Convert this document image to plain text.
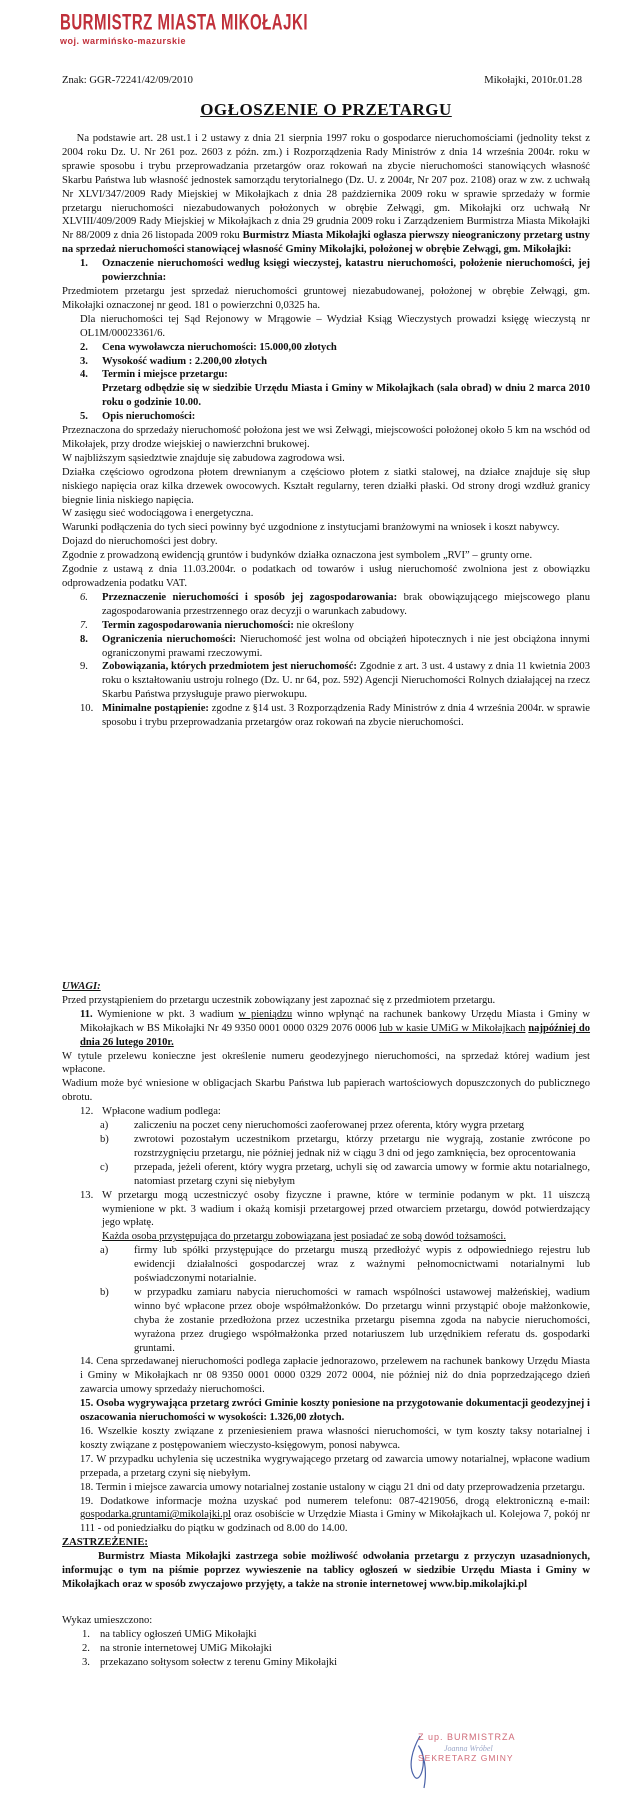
BURMISTRZ MIASTA MIKOŁAJKI
woj. warmińsko-mazurskie
Znak: GGR-72241/42/09/2010	Mikołajki, 2010r.01.28
OGŁOSZENIE O PRZETARGU

Na podstawie art. 28 ust.1 i 2 ustawy z dnia 21 sierpnia 1997 roku o gospodarce nieruchomościami (jednolity tekst z 2004 roku Dz. U. Nr 261 poz. 2603 z późn. zm.) i Rozporządzenia Rady Ministrów z dnia 14 września 2004r. roku w sprawie sposobu i trybu przeprowadzania przetargów oraz rokowań na zbycie nieruchomości stanowiących własność Skarbu Państwa lub własność jednostek samorządu terytorialnego (Dz. U. z 2004r, Nr 207 poz. 2108) oraz w zw. z uchwałą Nr XLVI/347/2009 Rady Miejskiej w Mikołajkach z dnia 28 października 2009 roku w sprawie sprzedaży w formie przetargu nieruchomości niezabudowanych położonych w obrębie Zełwągi, gm. Mikołajki orz uchwałą Nr XLVIII/409/2009 Rady Miejskiej w Mikołajkach z dnia 29 grudnia 2009 roku i Zarządzeniem Burmistrza Miasta Mikołajki Nr 88/2009 z dnia 26 listopada 2009 roku Burmistrz Miasta Mikołajki ogłasza pierwszy nieograniczony przetarg ustny na sprzedaż nieruchomości stanowiącej własność Gminy Mikołajki, położonej w obrębie Zełwągi, gm. Mikołajki:

1.	Oznaczenie nieruchomości według księgi wieczystej, katastru nieruchomości, położenie nieruchomości, jej powierzchnia:

Przedmiotem przetargu jest sprzedaż nieruchomości gruntowej niezabudowanej, położonej w obrębie Zełwągi, gm. Mikołajki oznaczonej nr geod. 181 o powierzchni 0,0325 ha.

Dla nieruchomości tej Sąd Rejonowy w Mrągowie – Wydział Ksiąg Wieczystych prowadzi księgę wieczystą nr OL1M/00023361/6.

2.	Cena wywoławcza nieruchomości: 15.000,00 złotych
3.	Wysokość wadium : 2.200,00 złotych
4.	Termin i miejsce przetargu:

Przetarg odbędzie się w siedzibie Urzędu Miasta i Gminy w Mikołajkach (sala obrad) w dniu 2 marca 2010 roku o godzinie 10.00.

5.	Opis nieruchomości:

Przeznaczona do sprzedaży nieruchomość położona jest we wsi Zełwągi, miejscowości położonej około 5 km na wschód od Mikołajek, przy drodze wiejskiej o nawierzchni brukowej.

W najbliższym sąsiedztwie znajduje się zabudowa zagrodowa wsi.

Działka częściowo ogrodzona płotem drewnianym a częściowo płotem z siatki stalowej, na działce znajduje się słup niskiego napięcia oraz kilka drzewek owocowych. Kształt regularny, teren działki płaski. Od strony drogi wzdłuż granicy biegnie linia niskiego napięcia.

W zasięgu sieć wodociągowa i energetyczna.

Warunki podłączenia do tych sieci powinny być uzgodnione z instytucjami branżowymi na wniosek i koszt nabywcy.

Dojazd do nieruchomości jest dobry.

Zgodnie z prowadzoną ewidencją gruntów i budynków działka oznaczona jest symbolem „RVI” – grunty orne.

Zgodnie z ustawą z dnia 11.03.2004r. o podatkach od towarów i usług nieruchomość zwolniona jest z obowiązku odprowadzenia podatku VAT.

6.	Przeznaczenie nieruchomości i sposób jej zagospodarowania: brak obowiązującego miejscowego planu zagospodarowania przestrzennego oraz decyzji o warunkach zabudowy.

7.	Termin zagospodarowania nieruchomości: nie określony

8.	Ograniczenia nieruchomości: Nieruchomość jest wolna od obciążeń hipotecznych i nie jest obciążona innymi ograniczonymi prawami rzeczowymi.

9.	Zobowiązania, których przedmiotem jest nieruchomość: Zgodnie z art. 3 ust. 4 ustawy z dnia 11 kwietnia 2003 roku o kształtowaniu ustroju rolnego (Dz. U. nr 64, poz. 592) Agencji Nieruchomości Rolnych działającej na rzecz Skarbu Państwa przysługuje prawo pierwokupu.

10. Minimalne postąpienie: zgodne z §14 ust. 3 Rozporządzenia Rady Ministrów z dnia 4 września 2004r. w sprawie sposobu i trybu przeprowadzania przetargów oraz rokowań na zbycie nieruchomości.

UWAGI:

Przed przystąpieniem do przetargu uczestnik zobowiązany jest zapoznać się z przedmiotem przetargu.

11. Wymienione w pkt. 3 wadium w pieniądzu winno wpłynąć na rachunek bankowy Urzędu Miasta i Gminy w Mikołajkach w BS Mikołajki Nr 49 9350 0001 0000 0329 2076 0006 lub w kasie UMiG w Mikołajkach najpóźniej do dnia 26 lutego 2010r.

W tytule przelewu konieczne jest określenie numeru geodezyjnego nieruchomości, na sprzedaż której wadium jest wpłacone.

Wadium może być wniesione w obligacjach Skarbu Państwa lub papierach wartościowych dopuszczonych do publicznego obrotu.

12. Wpłacone wadium podlega:
a)	zaliczeniu na poczet ceny nieruchomości zaoferowanej przez oferenta, który wygra przetarg
b)	zwrotowi pozostałym uczestnikom przetargu, którzy przetargu nie wygrają, zostanie zwrócone po rozstrzygnięciu przetargu, nie później jednak niż w ciągu 3 dni od jego zamknięcia, bez oprocentowania
c)	przepada, jeżeli oferent, który wygra przetarg, uchyli się od zawarcia umowy w formie aktu notarialnego, natomiast przetarg czyni się niebyłym
13. W przetargu mogą uczestniczyć osoby fizyczne i prawne, które w terminie podanym w pkt. 11 uiszczą wymienione w pkt. 3 wadium i okażą komisji przetargowej przed otwarciem przetargu, dowód potwierdzający jego wpłatę.

Każda osoba przystępująca do przetargu zobowiązana jest posiadać ze sobą dowód tożsamości.

a)	firmy lub spółki przystępujące do przetargu muszą przedłożyć wypis z odpowiedniego rejestru lub ewidencji działalności gospodarczej wraz z ważnymi pełnomocnictwami notarialnymi lub poświadczonymi notarialnie.
b)	w przypadku zamiaru nabycia nieruchomości w ramach wspólności ustawowej małżeńskiej, wadium winno być wpłacone przez oboje współmałżonków. Do przetargu winni przystąpić oboje małżonkowie, chyba że zostanie przedłożona przez uczestnika przetargu pisemna zgoda na nabycie nieruchomości, wyrażona przez drugiego współmałżonka przed notariuszem lub urzędnikiem referatu ds. gospodarki gruntami.

14. Cena sprzedawanej nieruchomości podlega zapłacie jednorazowo, przelewem na rachunek bankowy Urzędu Miasta i Gminy w Mikołajkach nr 08 9350 0001 0000 0329 2072 0004, nie później niż do dnia poprzedzającego dzień zawarcia umowy sprzedaży nieruchomości.

15. Osoba wygrywająca przetarg zwróci Gminie koszty poniesione na przygotowanie dokumentacji geodezyjnej i oszacowania nieruchomości w wysokości: 1.326,00 złotych.

16. Wszelkie koszty związane z przeniesieniem prawa własności nieruchomości, w tym koszty taksy notarialnej i koszty związane z postępowaniem wieczysto-księgowym, ponosi nabywca.

17. W przypadku uchylenia się uczestnika wygrywającego przetarg od zawarcia umowy notarialnej, wpłacone wadium przepada, a przetarg czyni się niebyłym.

18. Termin i miejsce zawarcia umowy notarialnej zostanie ustalony w ciągu 21 dni od daty przeprowadzenia przetargu.

19. Dodatkowe informacje można uzyskać pod numerem telefonu: 087-4219056, drogą elektroniczną e-mail: gospodarka.gruntami@mikolajki.pl oraz osobiście w Urzędzie Miasta i Gminy w Mikołajkach ul. Kolejowa 7, pokój nr 111 - od poniedziałku do piątku w godzinach od 8.00 do 14.00.

ZASTRZEŻENIE:

Burmistrz Miasta Mikołajki zastrzega sobie możliwość odwołania przetargu z przyczyn uzasadnionych, informując o tym na piśmie poprzez wywieszenie na tablicy ogłoszeń w siedzibie Urzędu Miasta i Gminy w Mikołajkach oraz w sposób zwyczajowo przyjęty, a także na stronie internetowej www.bip.mikolajki.pl

Wykaz umieszczono:
1. na tablicy ogłoszeń UMiG Mikołajki
2. na stronie internetowej UMiG Mikołajki
3. przekazano sołtysom sołectw z terenu Gminy Mikołajki
Z up. BURMISTRZA
Joanna Wróbel
SEKRETARZ GMINY
